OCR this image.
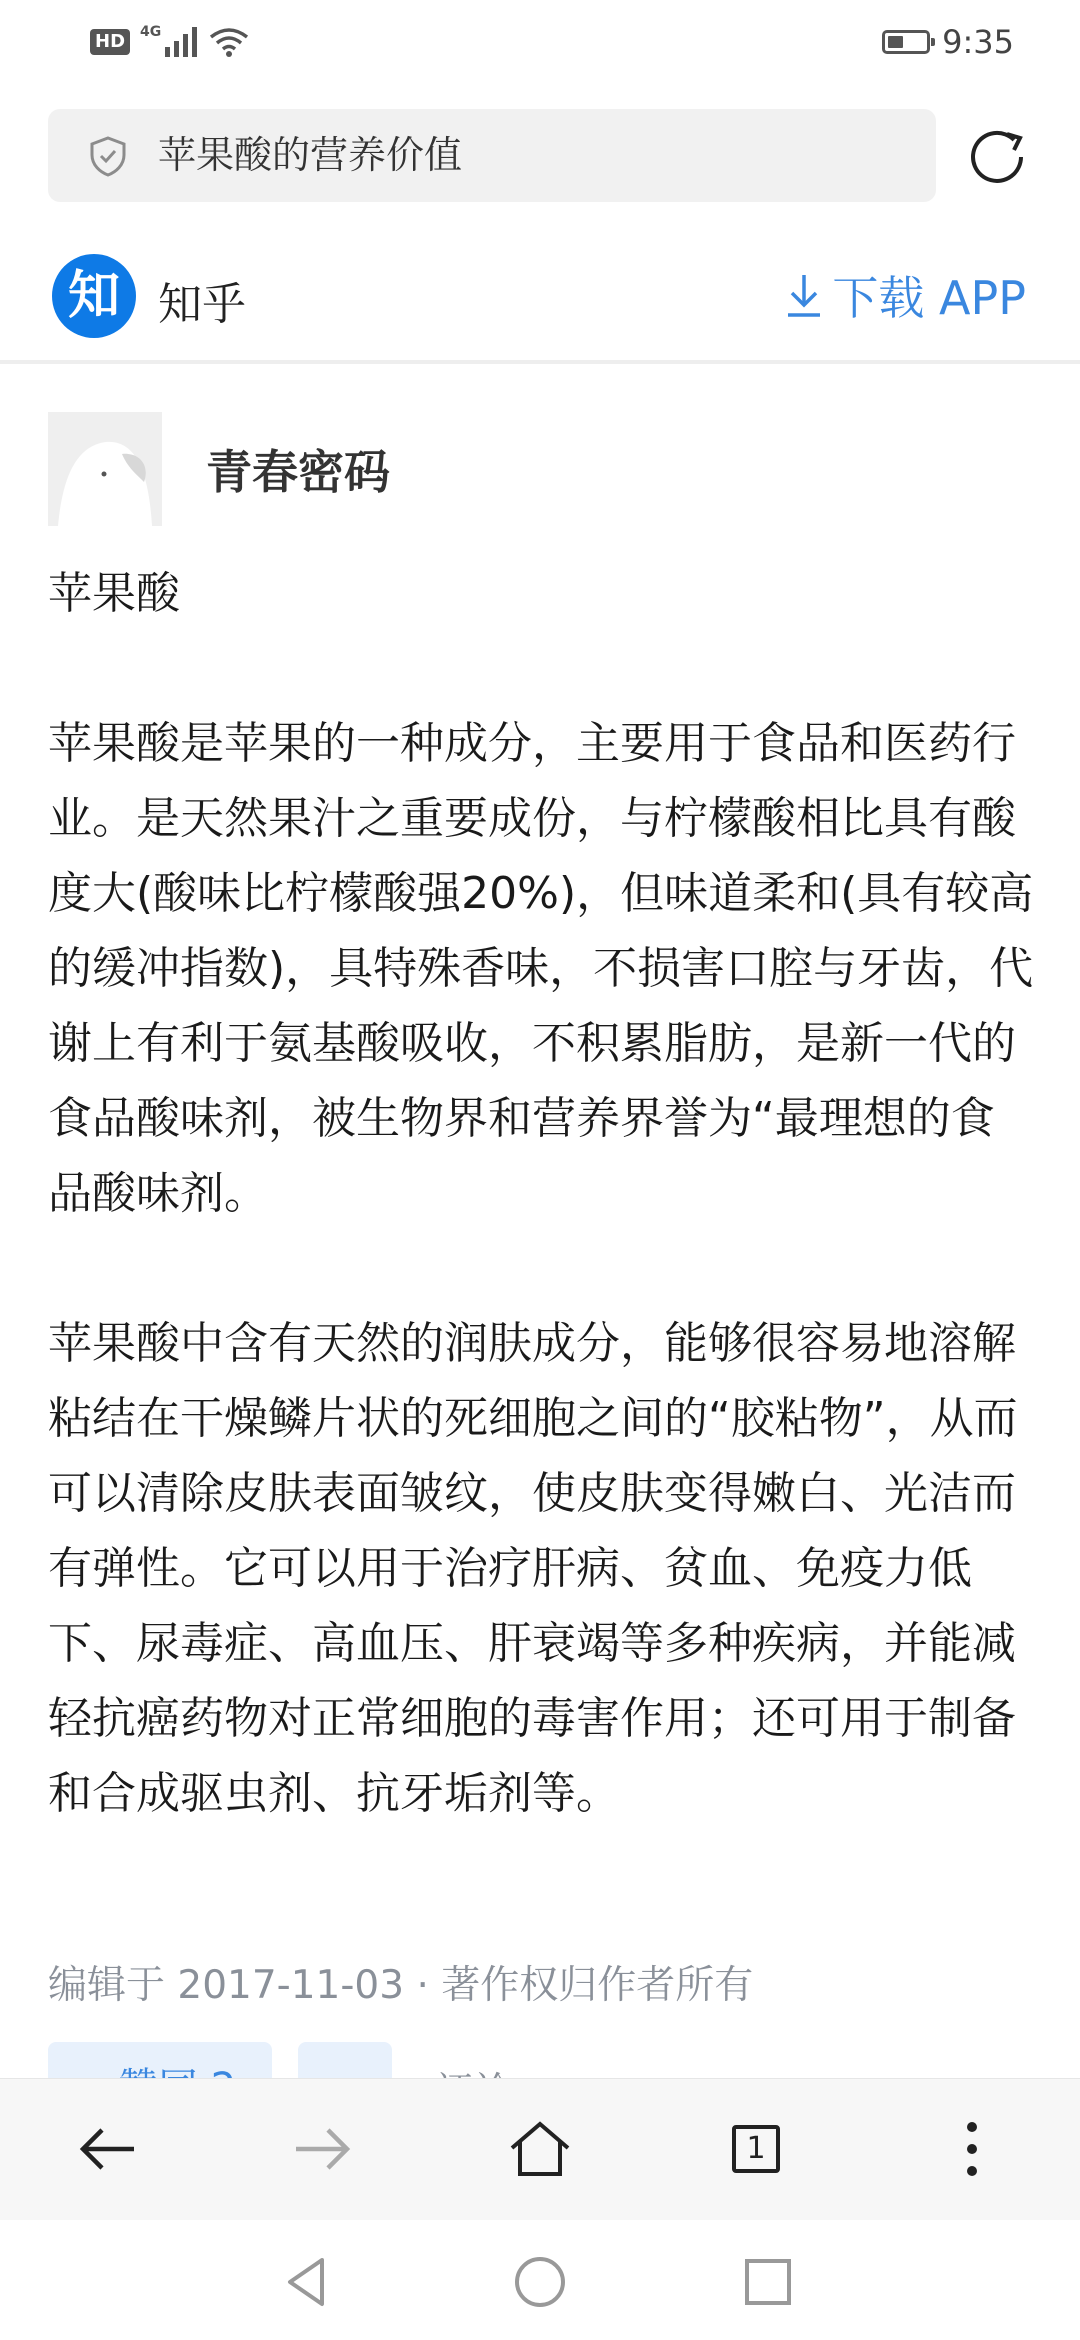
HD	4G	9:35
苹果酸的营养价值
知 知乎	下载 APP
青春密码

苹果酸

苹果酸是苹果的一种成分，主要用于食品和医药行业。是天然果汁之重要成份，与柠檬酸相比具有酸度大(酸味比柠檬酸强20%)，但味道柔和(具有较高的缓冲指数)，具特殊香味，不损害口腔与牙齿，代谢上有利于氨基酸吸收，不积累脂肪，是新一代的食品酸味剂，被生物界和营养界誉为“最理想的食品酸味剂。

苹果酸中含有天然的润肤成分，能够很容易地溶解粘结在干燥鳞片状的死细胞之间的“胶粘物”，从而可以清除皮肤表面皱纹，使皮肤变得嫩白、光洁而有弹性。它可以用于治疗肝病、贫血、免疫力低下、尿毒症、高血压、肝衰竭等多种疾病，并能减轻抗癌药物对正常细胞的毒害作用；还可用于制备和合成驱虫剂、抗牙垢剂等。

编辑于 2017-11-03 · 著作权归作者所有
1
